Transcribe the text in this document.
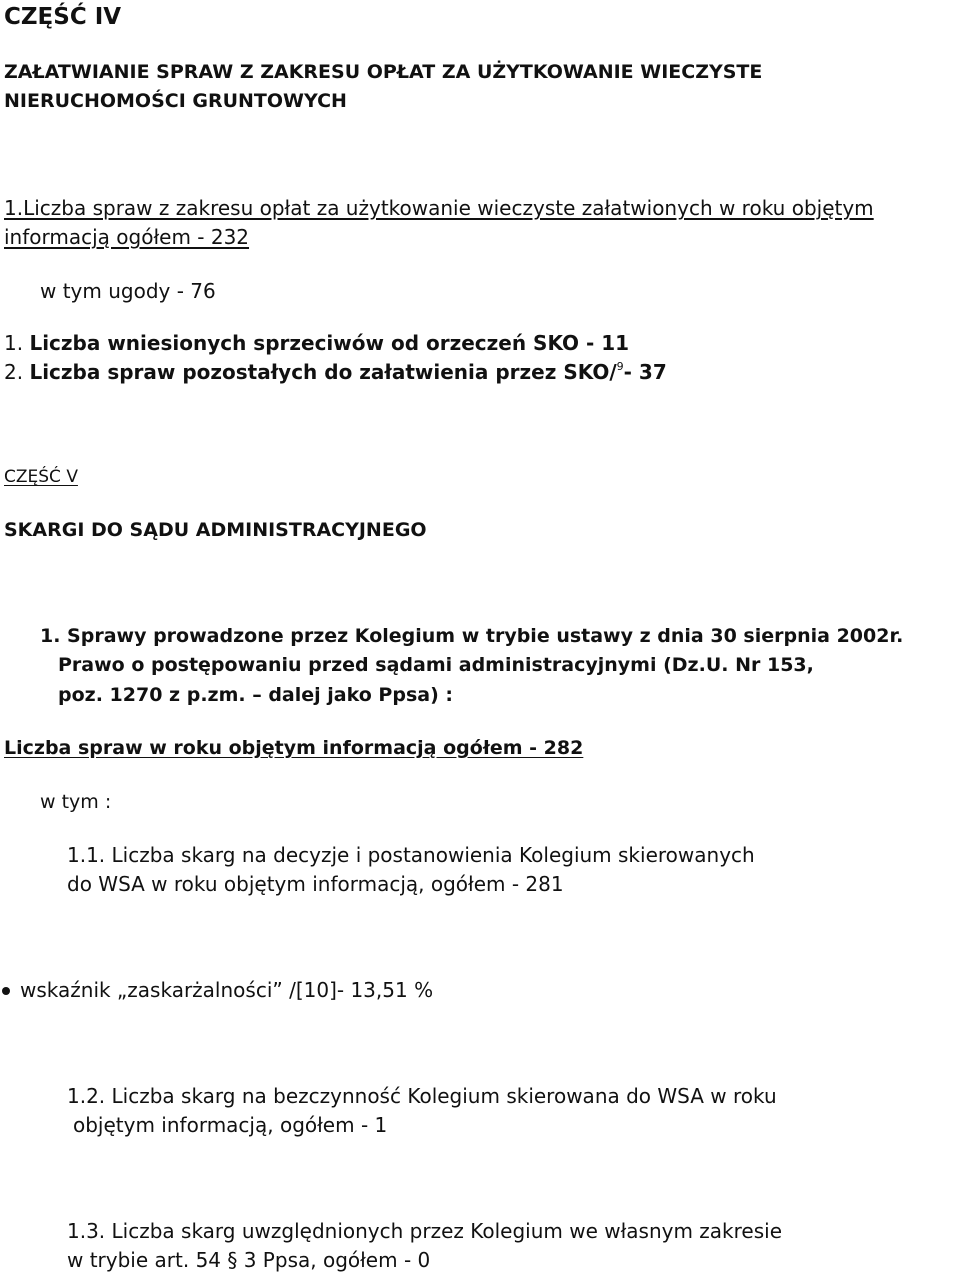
CZĘŚĆ IV
ZAŁATWIANIE SPRAW Z ZAKRESU OPŁAT ZA UŻYTKOWANIE WIECZYSTE
NIERUCHOMOŚCI GRUNTOWYCH
1.Liczba spraw z zakresu opłat za użytkowanie wieczyste załatwionych w roku objętym
informacją ogółem - 232
w tym ugody - 76
1. Liczba wniesionych sprzeciwów od orzeczeń SKO - 11
2. Liczba spraw pozostałych do załatwienia przez SKO/$^9$- 37
CZĘŚĆ V
SKARGI DO SĄDU ADMINISTRACYJNEGO
1. Sprawy prowadzone przez Kolegium w trybie ustawy z dnia 30 sierpnia 2002r.
Prawo o postępowaniu przed sądami administracyjnymi (Dz.U. Nr 153,
poz. 1270 z p.zm. – dalej jako Ppsa) :
Liczba spraw w roku objętym informacją ogółem - 282
w tym :
1.1. Liczba skarg na decyzje i postanowienia Kolegium skierowanych
do WSA w roku objętym informacją, ogółem - 281
wskaźnik „zaskarżalności” /[10]- 13,51 %
1.2. Liczba skarg na bezczynność Kolegium skierowana do WSA w roku
objętym informacją, ogółem - 1
1.3. Liczba skarg uwzględnionych przez Kolegium we własnym zakresie
w trybie art. 54 § 3 Ppsa, ogółem - 0
